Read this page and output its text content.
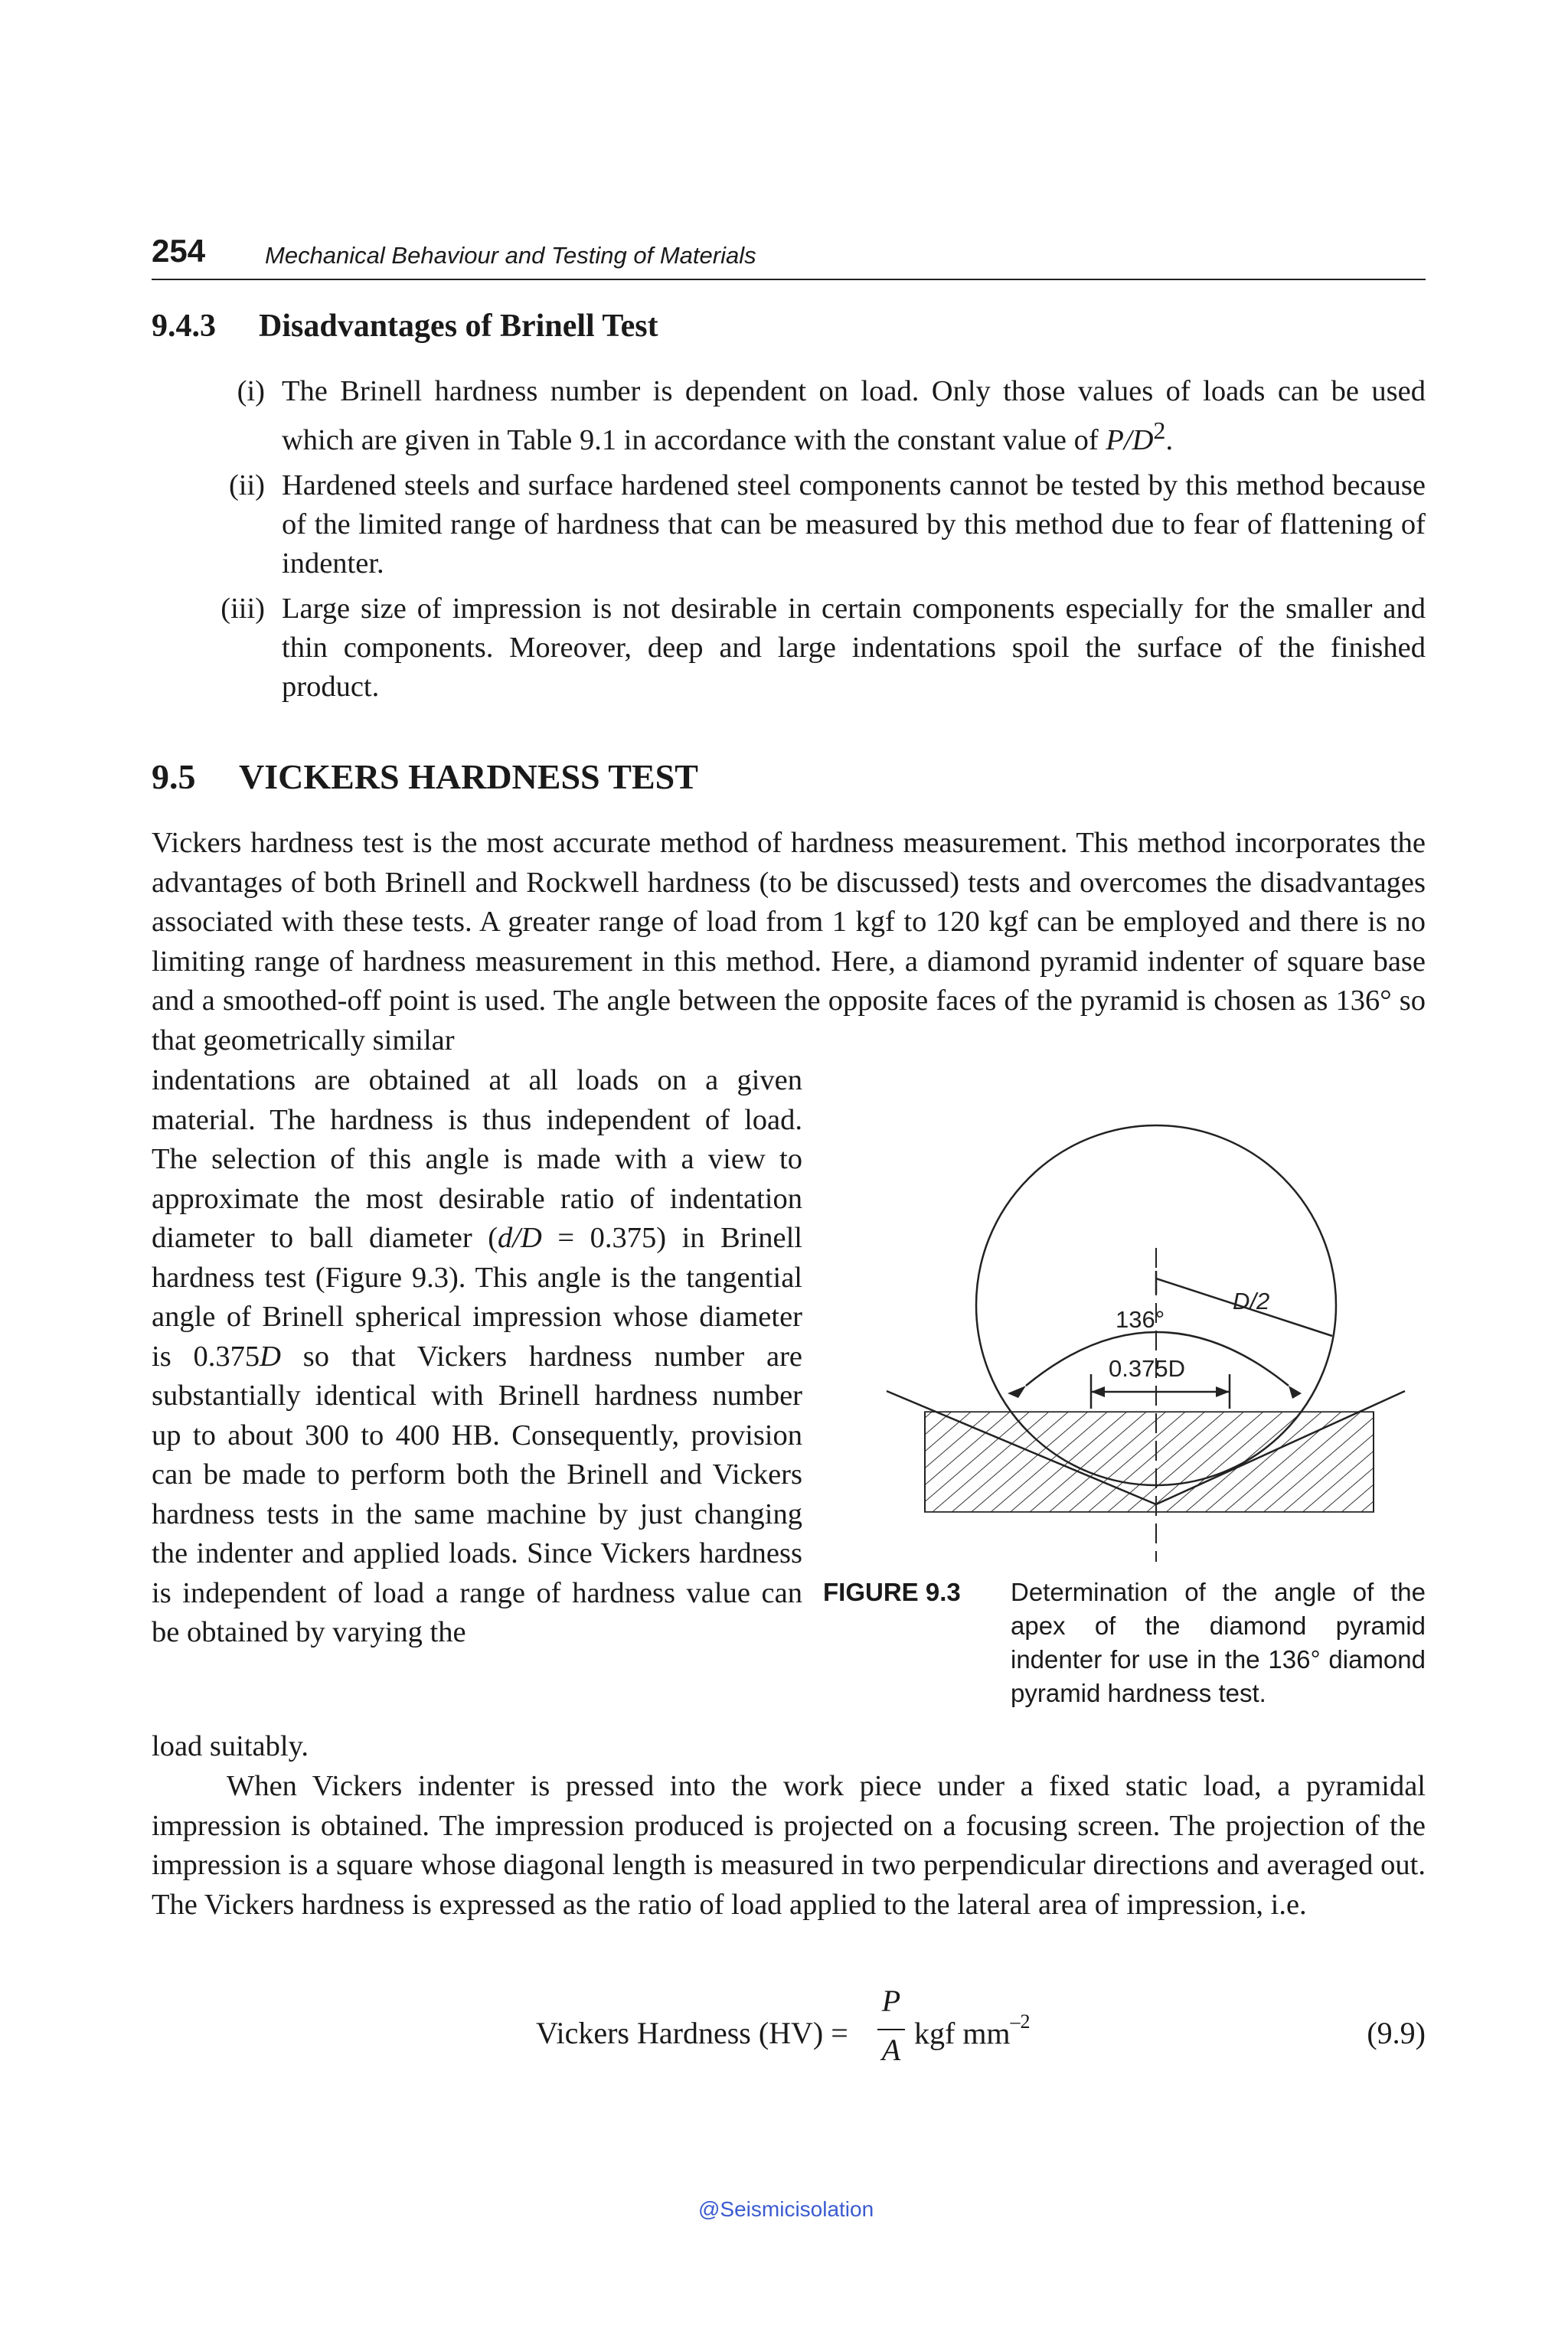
254	Mechanical Behaviour and Testing of Materials
9.4.3 Disadvantages of Brinell Test
(i) The Brinell hardness number is dependent on load. Only those values of loads can be used which are given in Table 9.1 in accordance with the constant value of $P/D^2$.
(ii) Hardened steels and surface hardened steel components cannot be tested by this method because of the limited range of hardness that can be measured by this method due to fear of flattening of indenter.
(iii) Large size of impression is not desirable in certain components especially for the smaller and thin components. Moreover, deep and large indentations spoil the surface of the finished product.
9.5 VICKERS HARDNESS TEST
Vickers hardness test is the most accurate method of hardness measurement. This method incorporates the advantages of both Brinell and Rockwell hardness (to be discussed) tests and overcomes the disadvantages associated with these tests. A greater range of load from 1 kgf to 120 kgf can be employed and there is no limiting range of hardness measurement in this method. Here, a diamond pyramid indenter of square base and a smoothed-off point is used. The angle between the opposite faces of the pyramid is chosen as 136° so that geometrically similar
indentations are obtained at all loads on a given material. The hardness is thus independent of load. The selection of this angle is made with a view to approximate the most desirable ratio of indentation diameter to ball diameter (d/D = 0.375) in Brinell hardness test (Figure 9.3). This angle is the tangential angle of Brinell spherical impression whose diameter is 0.375D so that Vickers hardness number are substantially identical with Brinell hardness number up to about 300 to 400 HB. Consequently, provision can be made to perform both the Brinell and Vickers hardness tests in the same machine by just changing the indenter and applied loads. Since Vickers hardness is independent of load a range of hardness value can be obtained by varying the
load suitably.
When Vickers indenter is pressed into the work piece under a fixed static load, a pyramidal impression is obtained. The impression produced is projected on a focusing screen. The projection of the impression is a square whose diagonal length is measured in two perpendicular directions and averaged out. The Vickers hardness is expressed as the ratio of load applied to the lateral area of impression, i.e.
D/2
136°
0.375D
FIGURE 9.3 Determination of the angle of the apex of the diamond pyramid indenter for use in the 136° diamond pyramid hardness test.
Vickers Hardness (HV) =
P
A kgf $mm^{-2}$	(9.9)
@Seismicisolation
